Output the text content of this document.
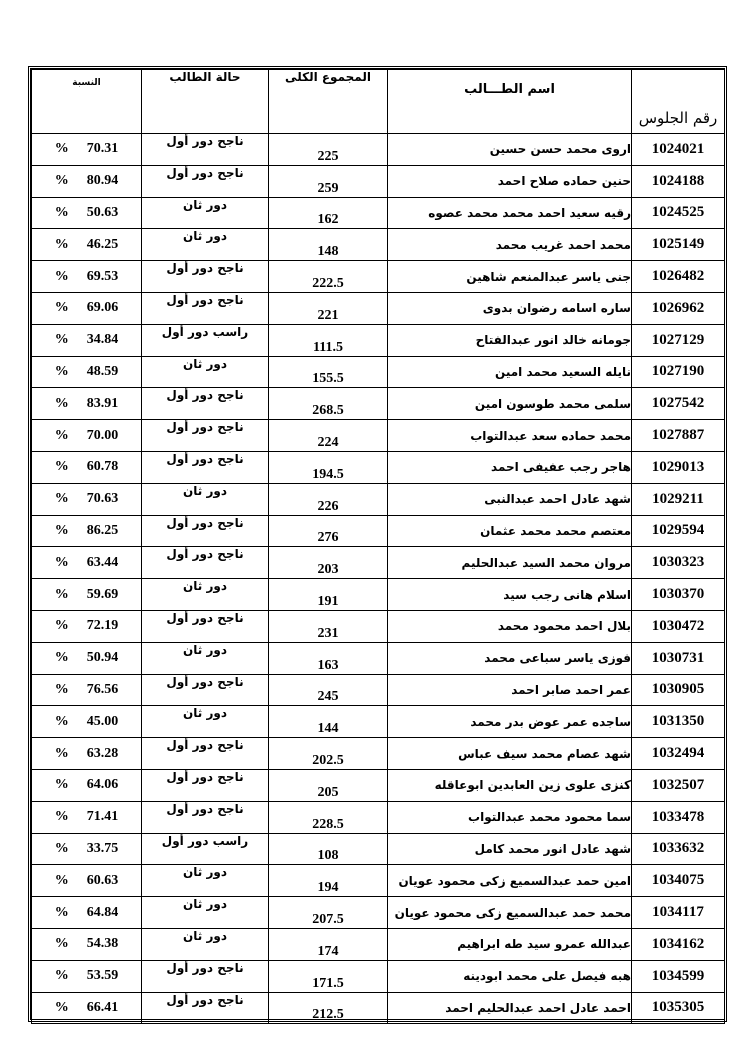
النسبة	حالة الطالب	المجموع الكلى	اسم الطـــالب	رقم الجلوس
% 70.31	ناجح دور أول	225	اروى محمد حسن حسين	1024021
% 80.94	ناجح دور أول	259	حنين حماده صلاح احمد	1024188
% 50.63	دور ثان	162	رقيه سعيد احمد محمد محمد عصوه	1024525
% 46.25	دور ثان	148	محمد احمد غريب محمد	1025149
% 69.53	ناجح دور أول	222.5	جنى ياسر عبدالمنعم شاهين	1026482
% 69.06	ناجح دور أول	221	ساره اسامه رضوان بدوى	1026962
% 34.84	راسب دور أول	111.5	جومانه خالد انور عبدالفتاح	1027129
% 48.59	دور ثان	155.5	نايله السعيد محمد امين	1027190
% 83.91	ناجح دور أول	268.5	سلمى محمد طوسون امين	1027542
% 70.00	ناجح دور أول	224	محمد حماده سعد عبدالتواب	1027887
% 60.78	ناجح دور أول	194.5	هاجر رجب عفيفى احمد	1029013
% 70.63	دور ثان	226	شهد عادل احمد عبدالنبى	1029211
% 86.25	ناجح دور أول	276	معتصم محمد محمد عثمان	1029594
% 63.44	ناجح دور أول	203	مروان محمد السيد عبدالحليم	1030323
% 59.69	دور ثان	191	اسلام هانى رجب سيد	1030370
% 72.19	ناجح دور أول	231	بلال احمد محمود محمد	1030472
% 50.94	دور ثان	163	فوزى ياسر سباعى محمد	1030731
% 76.56	ناجح دور أول	245	عمر احمد صابر احمد	1030905
% 45.00	دور ثان	144	ساجده عمر عوض بدر محمد	1031350
% 63.28	ناجح دور أول	202.5	شهد عصام محمد سيف عباس	1032494
% 64.06	ناجح دور أول	205	كنزى علوى زين العابدين ابوعاقله	1032507
% 71.41	ناجح دور أول	228.5	سما محمود محمد عبدالتواب	1033478
% 33.75	راسب دور أول	108	شهد عادل انور محمد كامل	1033632
% 60.63	دور ثان	194	امين حمد عبدالسميع زكى محمود عويان	1034075
% 64.84	دور ثان	207.5	محمد حمد عبدالسميع زكى محمود عويان	1034117
% 54.38	دور ثان	174	عبدالله عمرو سيد طه ابراهيم	1034162
% 53.59	ناجح دور أول	171.5	هبه فيصل على محمد ابودينه	1034599
% 66.41	ناجح دور أول	212.5	احمد عادل احمد عبدالحليم احمد	1035305
